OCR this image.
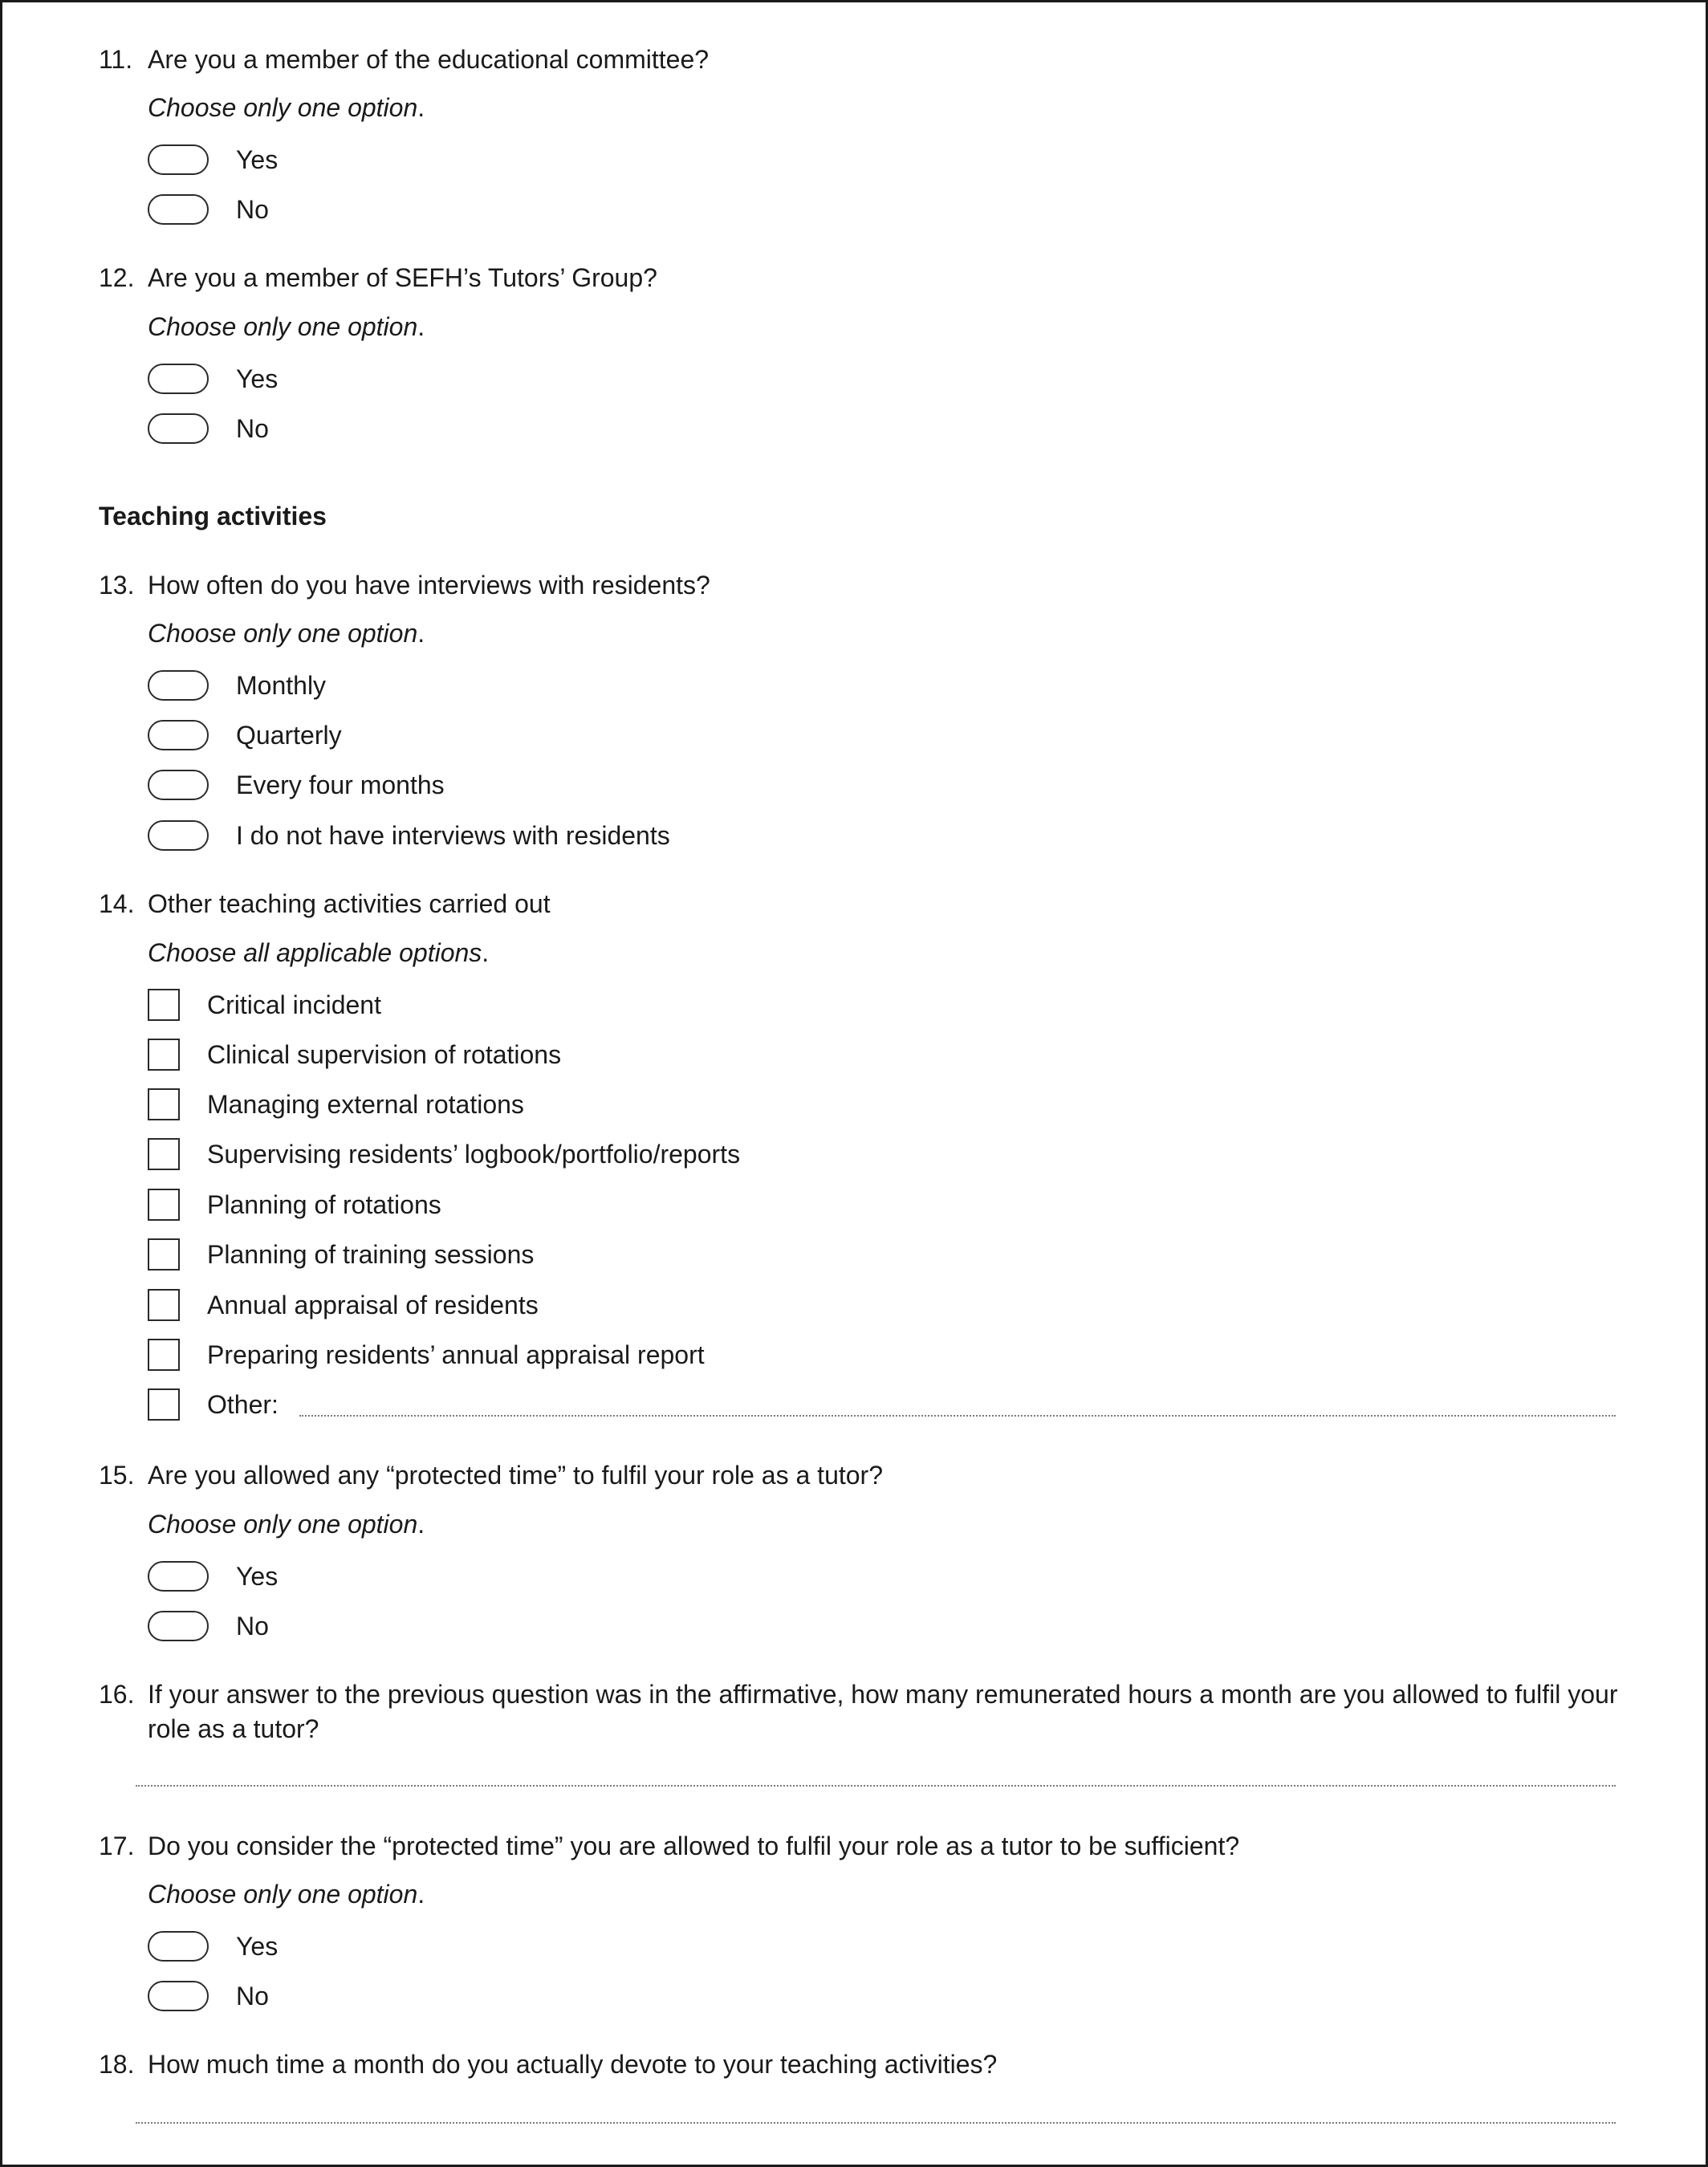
11. Are you a member of the educational committee?
Choose only one option.
Yes
No
12. Are you a member of SEFH’s Tutors’ Group?
Choose only one option.
Yes
No
Teaching activities
13. How often do you have interviews with residents?
Choose only one option.
Monthly
Quarterly
Every four months
I do not have interviews with residents
14. Other teaching activities carried out
Choose all applicable options.
Critical incident
Clinical supervision of rotations
Managing external rotations
Supervising residents’ logbook/portfolio/reports
Planning of rotations
Planning of training sessions
Annual appraisal of residents
Preparing residents’ annual appraisal report
Other:
15. Are you allowed any “protected time” to fulfil your role as a tutor?
Choose only one option.
Yes
No
16. If your answer to the previous question was in the affirmative, how many remunerated hours a month are you allowed to fulfil your role as a tutor?
17. Do you consider the “protected time” you are allowed to fulfil your role as a tutor to be sufficient?
Choose only one option.
Yes
No
18. How much time a month do you actually devote to your teaching activities?
